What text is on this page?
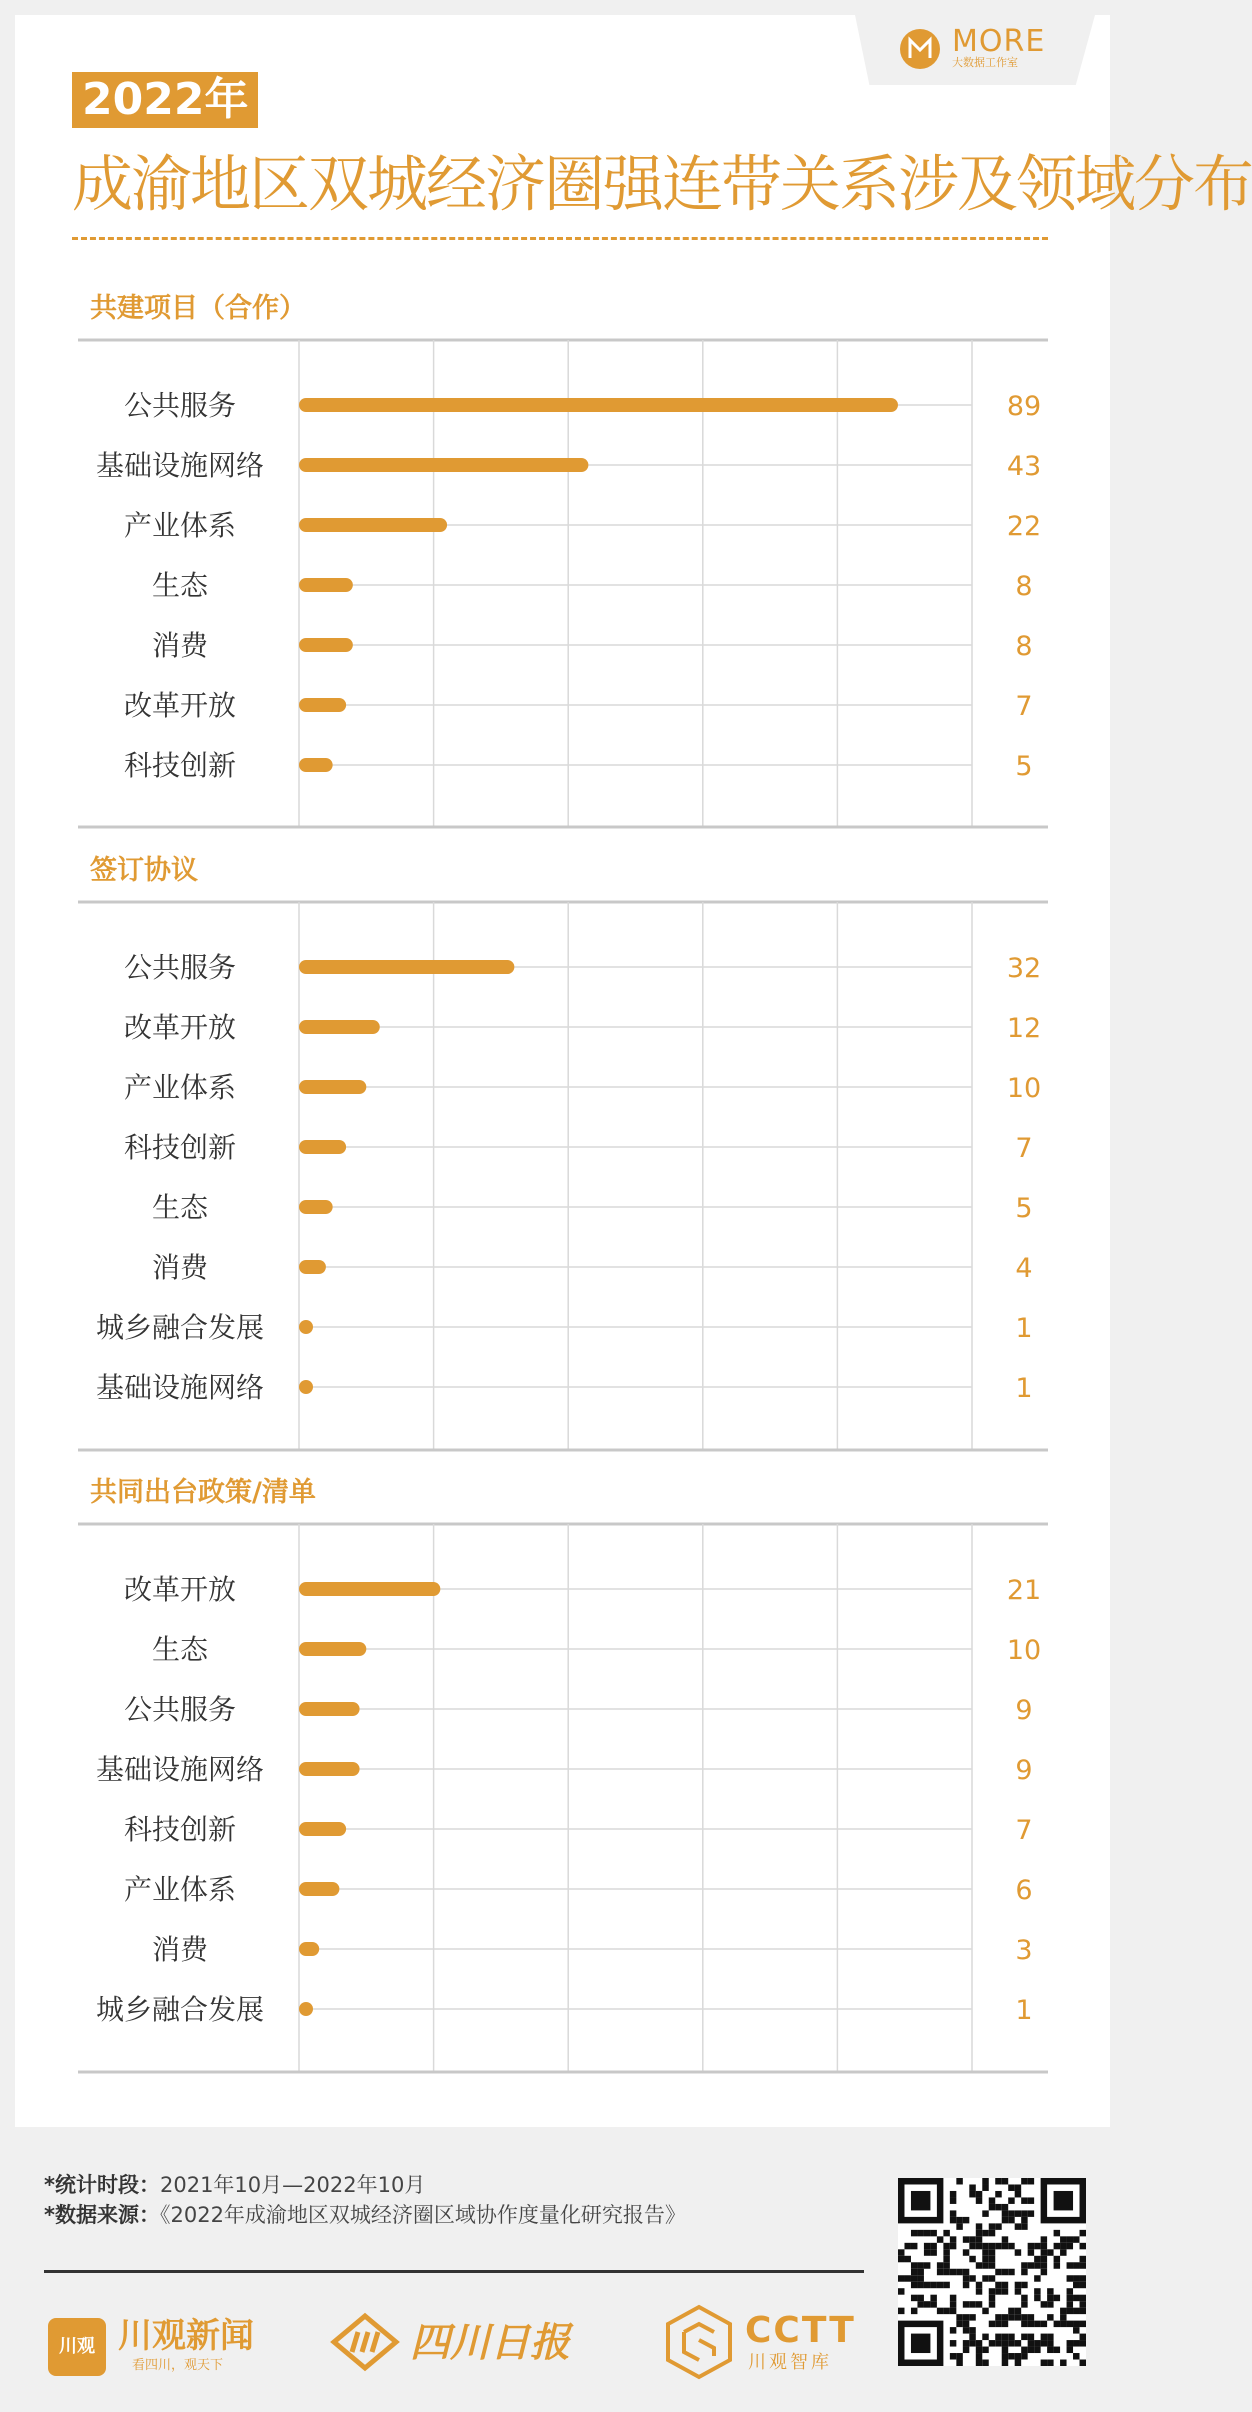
MORE
大数据工作室
2022年
成渝地区双城经济圈强连带关系涉及领域分布
共建项目（合作）
公共服务	89
基础设施网络	43
产业体系	22
生态	8
消费	8
改革开放	7
科技创新	5
签订协议
公共服务	32
改革开放	12
产业体系	10
科技创新	7
生态	5
消费	4
城乡融合发展	1
基础设施网络	1
共同出台政策/清单
改革开放	21
生态	10
公共服务	9
基础设施网络	9
科技创新	7
产业体系	6
消费	3
城乡融合发展	1
*统计时段：2021年10月—2022年10月
*数据来源：《2022年成渝地区双城经济圈区域协作度量化研究报告》
川观 川观新闻
看四川，观天下	四川日报	CCTT
川观智库
